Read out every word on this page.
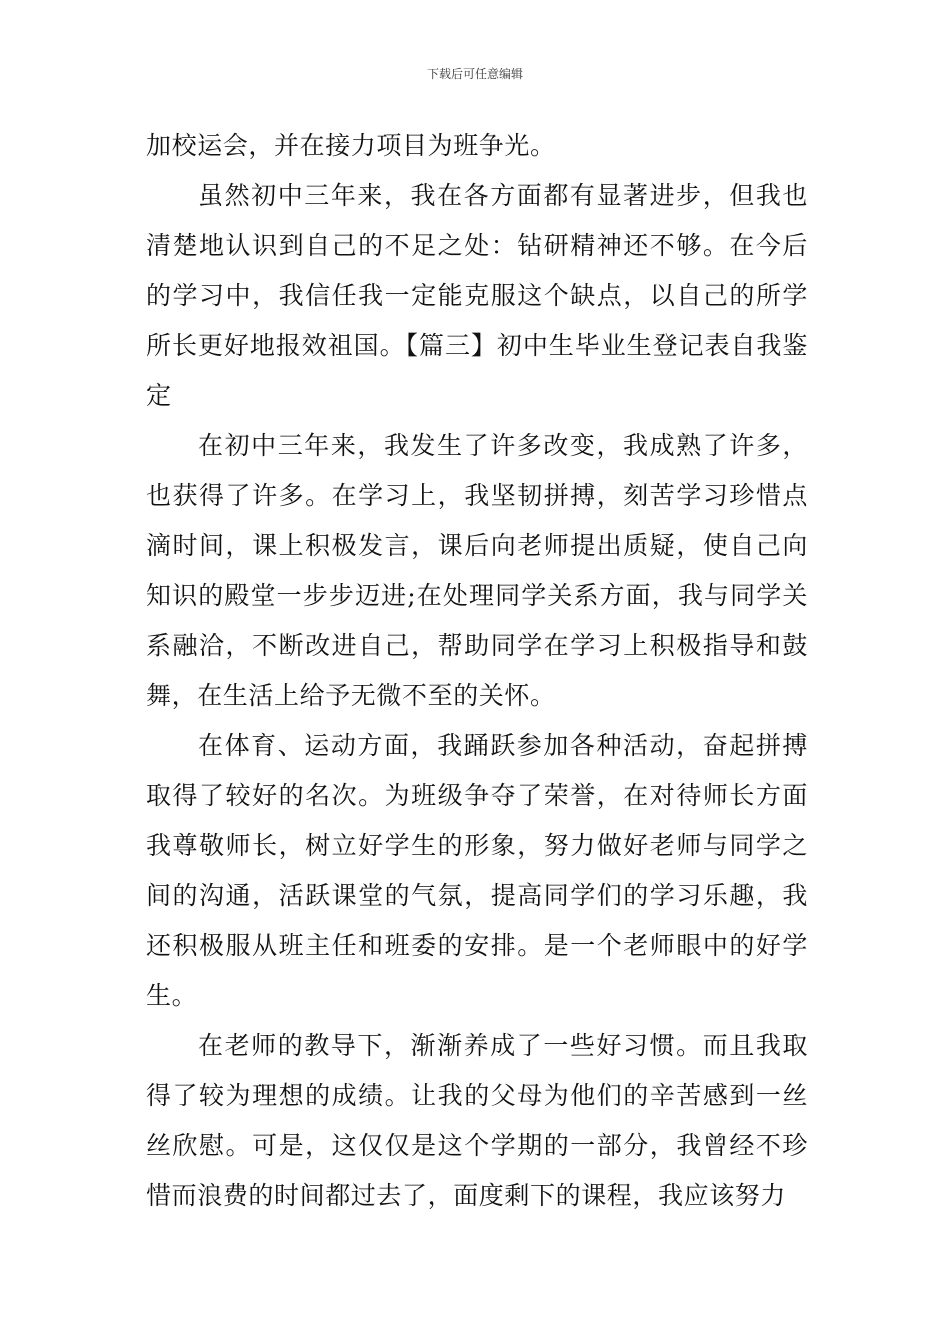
下载后可任意编辑

加校运会，并在接力项目为班争光。

虽然初中三年来，我在各方面都有显著进步，但我也清楚地认识到自己的不足之处：钻研精神还不够。在今后的学习中，我信任我一定能克服这个缺点，以自己的所学所长更好地报效祖国。【篇三】初中生毕业生登记表自我鉴定

在初中三年来，我发生了许多改变，我成熟了许多，也获得了许多。在学习上，我坚韧拼搏，刻苦学习珍惜点滴时间，课上积极发言，课后向老师提出质疑，使自己向知识的殿堂一步步迈进;在处理同学关系方面，我与同学关系融洽，不断改进自己，帮助同学在学习上积极指导和鼓舞，在生活上给予无微不至的关怀。

在体育、运动方面，我踊跃参加各种活动，奋起拼搏取得了较好的名次。为班级争夺了荣誉，在对待师长方面我尊敬师长，树立好学生的形象，努力做好老师与同学之间的沟通，活跃课堂的气氛，提高同学们的学习乐趣，我还积极服从班主任和班委的安排。是一个老师眼中的好学生。

在老师的教导下，渐渐养成了一些好习惯。而且我取得了较为理想的成绩。让我的父母为他们的辛苦感到一丝丝欣慰。可是，这仅仅是这个学期的一部分，我曾经不珍惜而浪费的时间都过去了，面度剩下的课程，我应该努力
